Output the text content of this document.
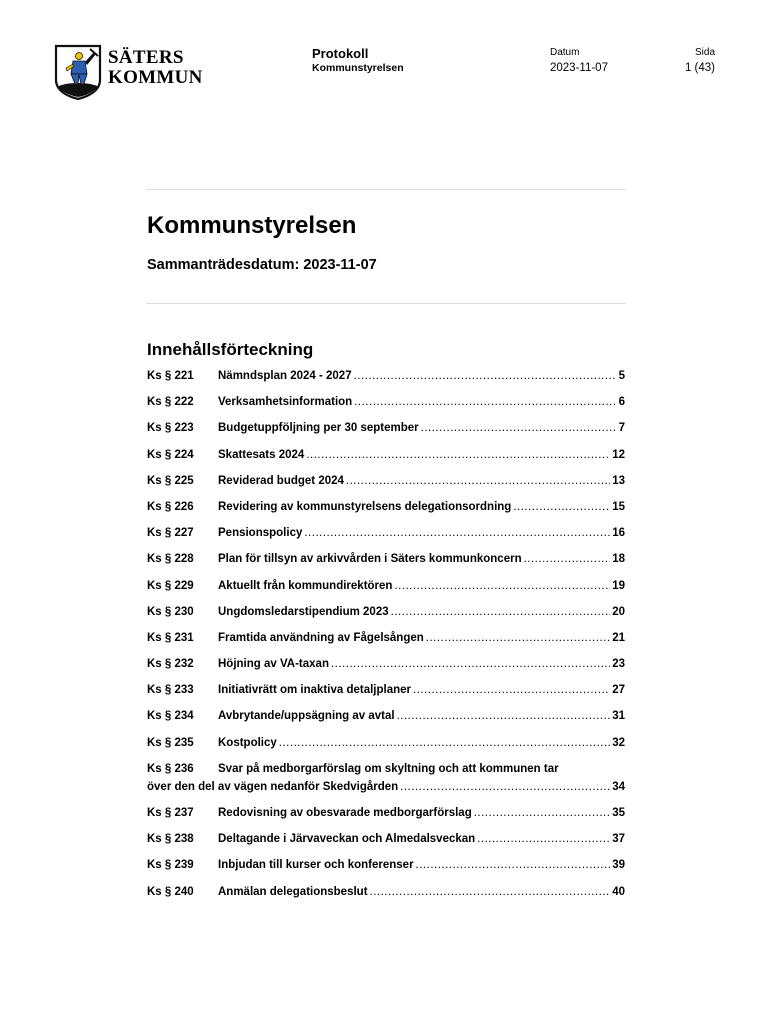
SÄTERS
KOMMUN
Protokoll
Kommunstyrelsen
Datum
2023-11-07
Sida
1 (43)
Kommunstyrelsen
Sammanträdesdatum: 2023-11-07
Innehållsförteckning
Ks § 221	Nämndsplan 2024 - 2027 .....	5
Ks § 222	Verksamhetsinformation .....	6
Ks § 223	Budgetuppföljning per 30 september .....	7
Ks § 224	Skattesats 2024 .....	12
Ks § 225	Reviderad budget 2024 .....	13
Ks § 226	Revidering av kommunstyrelsens delegationsordning .....	15
Ks § 227	Pensionspolicy .....	16
Ks § 228	Plan för tillsyn av arkivvården i Säters kommunkoncern .....	18
Ks § 229	Aktuellt från kommundirektören .....	19
Ks § 230	Ungdomsledarstipendium 2023 .....	20
Ks § 231	Framtida användning av Fågelsången .....	21
Ks § 232	Höjning av VA-taxan .....	23
Ks § 233	Initiativrätt om inaktiva detaljplaner .....	27
Ks § 234	Avbrytande/uppsägning av avtal .....	31
Ks § 235	Kostpolicy .....	32
Ks § 236	Svar på medborgarförslag om skyltning och att kommunen tar
över den del av vägen nedanför Skedvigården .....	34
Ks § 237	Redovisning av obesvarade medborgarförslag .....	35
Ks § 238	Deltagande i Järvaveckan och Almedalsveckan .....	37
Ks § 239	Inbjudan till kurser och konferenser .....	39
Ks § 240	Anmälan delegationsbeslut .....	40
